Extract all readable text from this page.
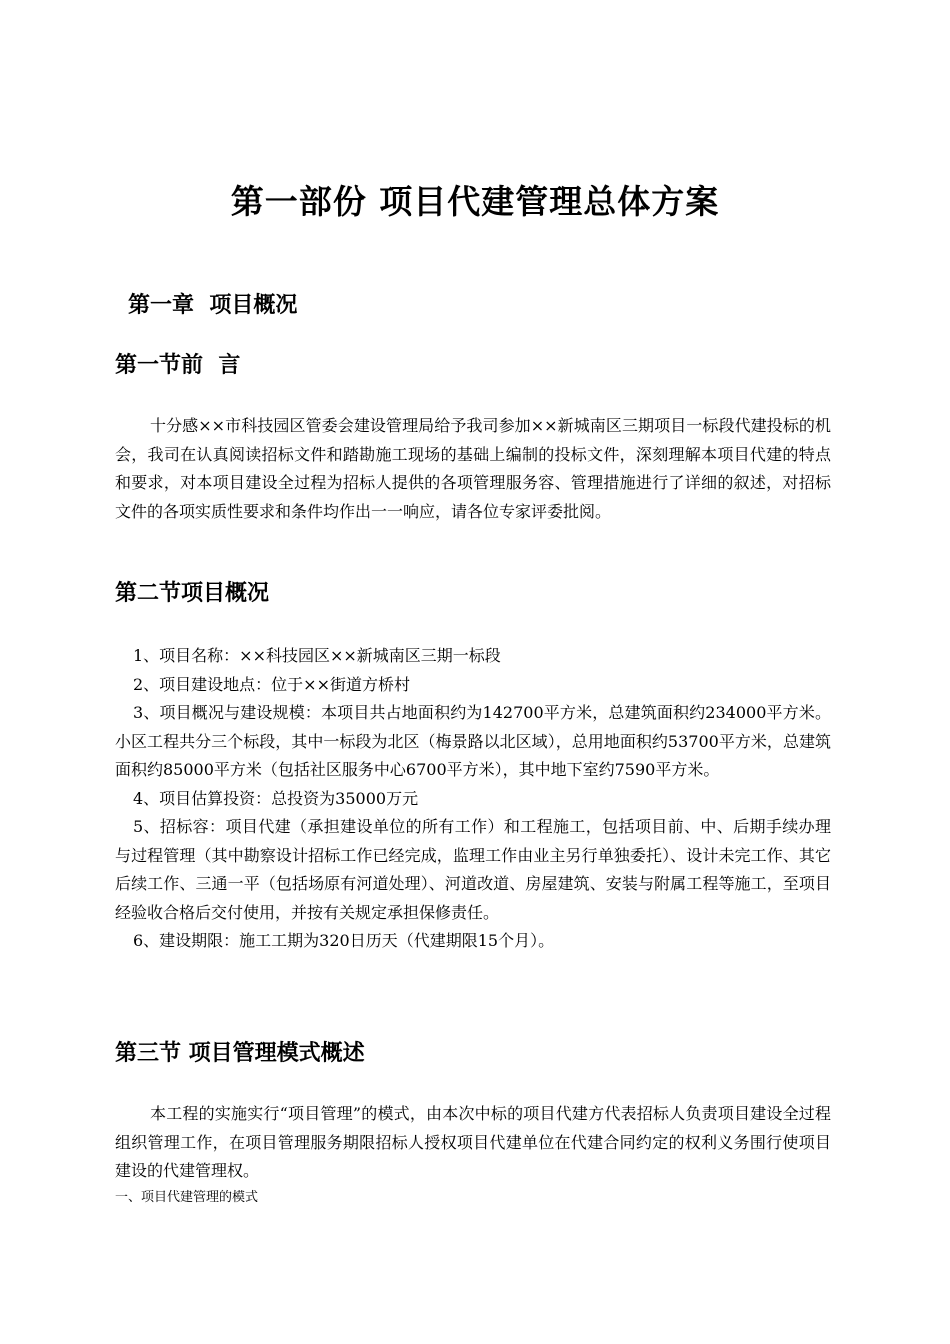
第一部份 项目代建管理总体方案
第一章  项目概况
第一节前  言

十分感××市科技园区管委会建设管理局给予我司参加××新城南区三期项目一标段代建投标的机会，我司在认真阅读招标文件和踏勘施工现场的基础上编制的投标文件，深刻理解本项目代建的特点和要求，对本项目建设全过程为招标人提供的各项管理服务容、管理措施进行了详细的叙述，对招标文件的各项实质性要求和条件均作出一一响应，请各位专家评委批阅。

第二节项目概况
1、项目名称：××科技园区××新城南区三期一标段
2、项目建设地点：位于××街道方桥村
3、项目概况与建设规模：本项目共占地面积约为142700平方米，总建筑面积约234000平方米。小区工程共分三个标段，其中一标段为北区（梅景路以北区域），总用地面积约53700平方米，总建筑面积约85000平方米（包括社区服务中心6700平方米），其中地下室约7590平方米。
4、项目估算投资：总投资为35000万元
5、招标容：项目代建（承担建设单位的所有工作）和工程施工，包括项目前、中、后期手续办理与过程管理（其中勘察设计招标工作已经完成，监理工作由业主另行单独委托）、设计未完工作、其它后续工作、三通一平（包括场原有河道处理）、河道改道、房屋建筑、安装与附属工程等施工，至项目经验收合格后交付使用，并按有关规定承担保修责任。
6、建设期限：施工工期为320日历天（代建期限15个月）。
第三节 项目管理模式概述

本工程的实施实行“项目管理”的模式，由本次中标的项目代建方代表招标人负责项目建设全过程组织管理工作，在项目管理服务期限招标人授权项目代建单位在代建合同约定的权利义务围行使项目建设的代建管理权。

一、项目代建管理的模式
